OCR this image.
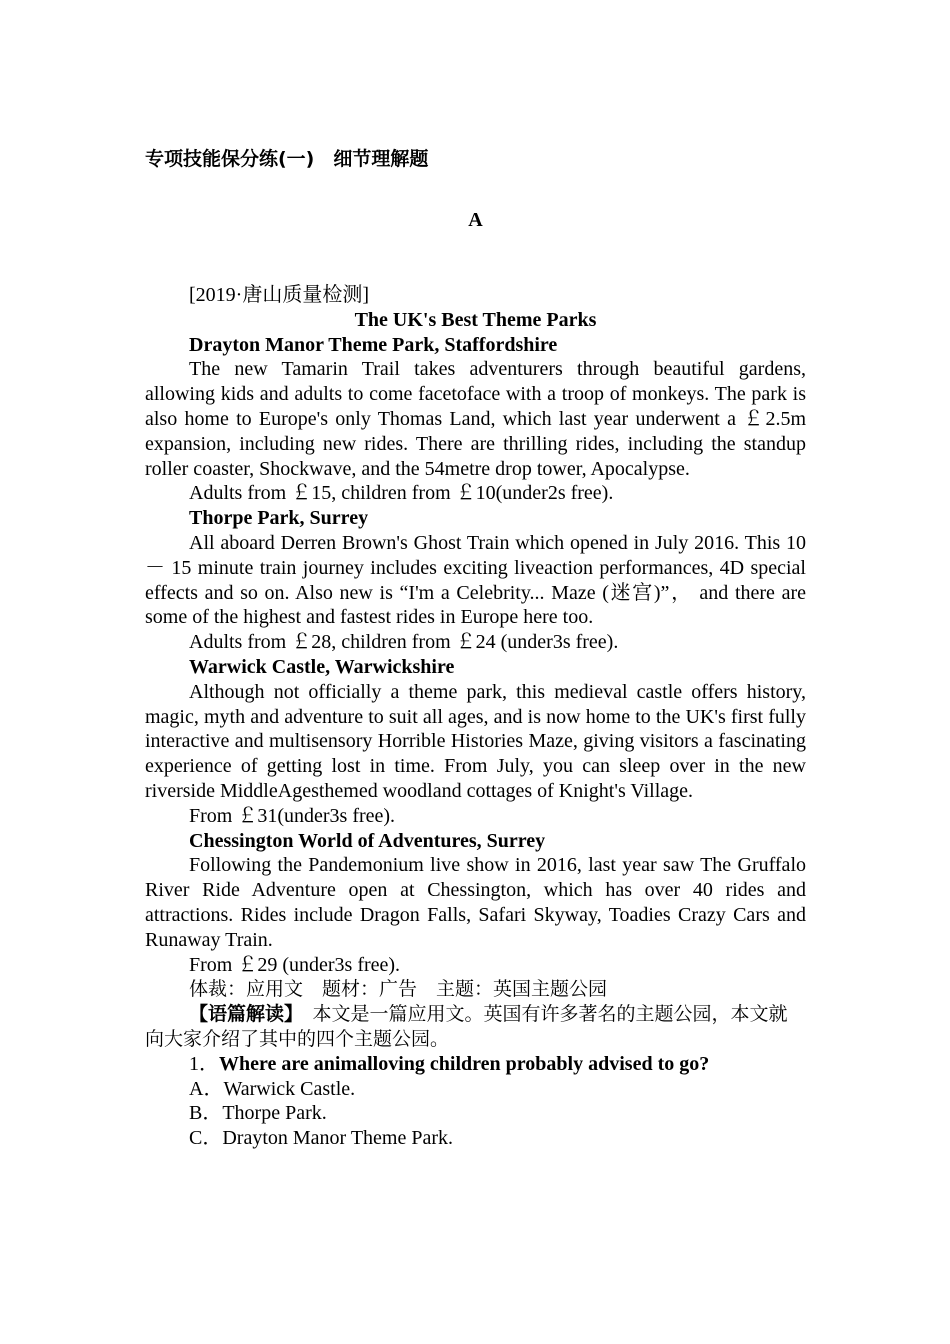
专项技能保分练(一)　细节理解题
A

[2019·唐山质量检测]

The UK's Best Theme Parks

Drayton Manor Theme Park, Staffordshire

The new Tamarin Trail takes adventurers through beautiful gardens, allowing kids and adults to come facetoface with a troop of monkeys. The park is also home to Europe's only Thomas Land, which last year underwent a ￡2.5m expansion, including new rides. There are thrilling rides, including the standup roller coaster, Shockwave, and the 54metre drop tower, Apocalypse.

Adults from ￡15, children from ￡10(under2s free).

Thorpe Park, Surrey

All aboard Derren Brown's Ghost Train which opened in July 2016. This 10 － 15 minute train journey includes exciting liveaction performances, 4D special effects and so on. Also new is “I'm a Celebrity... Maze (迷宫)”， and there are some of the highest and fastest rides in Europe here too.

Adults from ￡28, children from ￡24 (under3s free).

Warwick Castle, Warwickshire

Although not officially a theme park, this medieval castle offers history, magic, myth and adventure to suit all ages, and is now home to the UK's first fully interactive and multisensory Horrible Histories Maze, giving visitors a fascinating experience of getting lost in time. From July, you can sleep over in the new riverside MiddleAgesthemed woodland cottages of Knight's Village.

From ￡31(under3s free).

Chessington World of Adventures, Surrey

Following the Pandemonium live show in 2016, last year saw The Gruffalo River Ride Adventure open at Chessington, which has over 40 rides and attractions. Rides include Dragon Falls, Safari Skyway, Toadies Crazy Cars and Runaway Train.

From ￡29 (under3s free).

体裁：应用文　题材：广告　主题：英国主题公园

【语篇解读】　本文是一篇应用文。英国有许多著名的主题公园，本文就向大家介绍了其中的四个主题公园。

1．Where are animalloving children probably advised to go?

A．Warwick Castle.

B．Thorpe Park.

C．Drayton Manor Theme Park.
